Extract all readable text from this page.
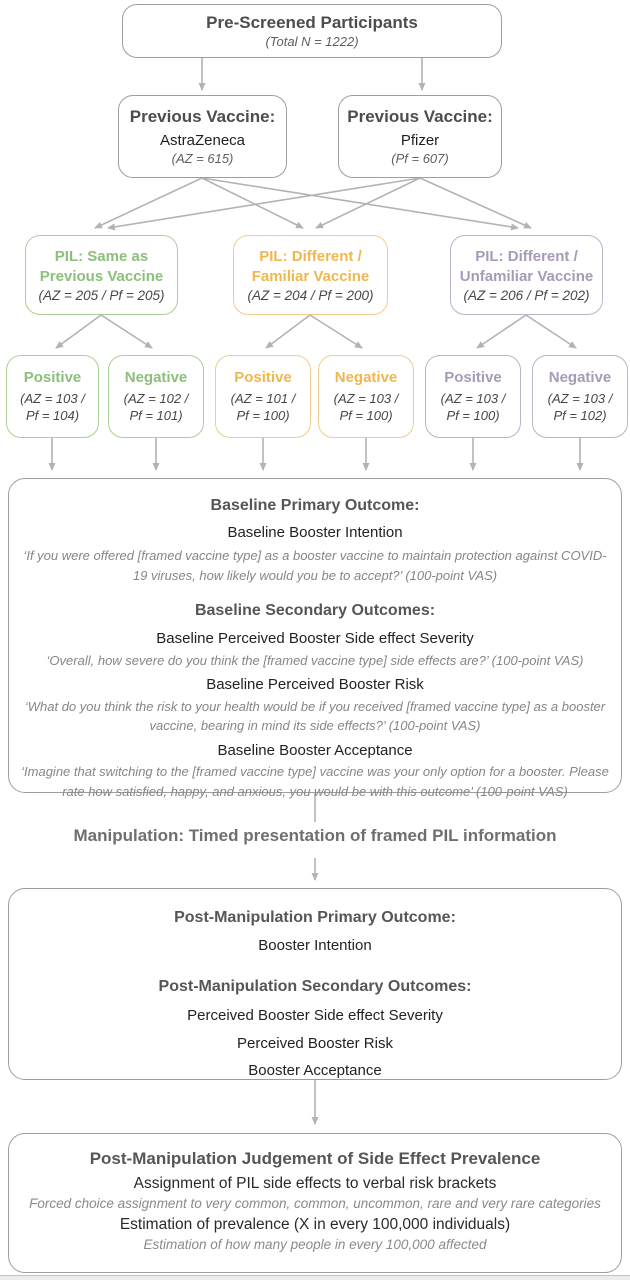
Pre-Screened Participants
(Total N = 1222)
Previous Vaccine:
AstraZeneca
(AZ = 615)
Previous Vaccine:
Pfizer
(Pf = 607)
PIL: Same as Previous Vaccine
(AZ = 205 / Pf = 205)
PIL: Different / Familiar Vaccine
(AZ = 204 / Pf = 200)
PIL: Different / Unfamiliar Vaccine
(AZ = 206 / Pf = 202)
Positive
(AZ = 103 / Pf = 104)
Negative
(AZ = 102 / Pf = 101)
Positive
(AZ = 101 / Pf = 100)
Negative
(AZ = 103 / Pf = 100)
Positive
(AZ = 103 / Pf = 100)
Negative
(AZ = 103 / Pf = 102)
Baseline Primary Outcome:
Baseline Booster Intention
‘If you were offered [framed vaccine type] as a booster vaccine to maintain protection against COVID-19 viruses, how likely would you be to accept?’ (100-point VAS)
Baseline Secondary Outcomes:
Baseline Perceived Booster Side effect Severity
‘Overall, how severe do you think the [framed vaccine type] side effects are?’ (100-point VAS)
Baseline Perceived Booster Risk
‘What do you think the risk to your health would be if you received [framed vaccine type] as a booster vaccine, bearing in mind its side effects?’ (100-point VAS)
Baseline Booster Acceptance
‘Imagine that switching to the [framed vaccine type] vaccine was your only option for a booster. Please rate how satisfied, happy, and anxious, you would be with this outcome’ (100-point VAS)
Manipulation: Timed presentation of framed PIL information
Post-Manipulation Primary Outcome:
Booster Intention
Post-Manipulation Secondary Outcomes:
Perceived Booster Side effect Severity
Perceived Booster Risk
Booster Acceptance
Post-Manipulation Judgement of Side Effect Prevalence
Assignment of PIL side effects to verbal risk brackets
Forced choice assignment to very common, common, uncommon, rare and very rare categories
Estimation of prevalence (X in every 100,000 individuals)
Estimation of how many people in every 100,000 affected
